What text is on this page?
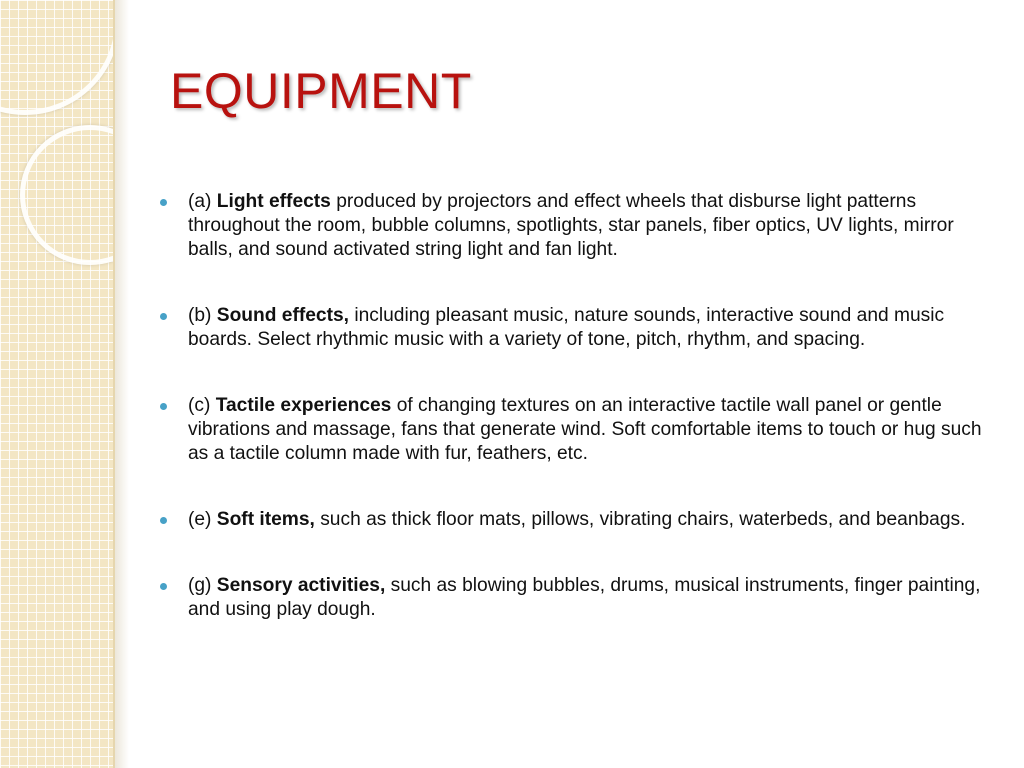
EQUIPMENT
(a) Light effects produced by projectors and effect wheels that disburse light patterns throughout the room, bubble columns, spotlights, star panels, fiber optics, UV lights, mirror balls, and sound activated string light and fan light.
(b) Sound effects, including pleasant music, nature sounds, interactive sound and music boards. Select rhythmic music with a variety of tone, pitch, rhythm, and spacing.
(c) Tactile experiences of changing textures on an interactive tactile wall panel or gentle vibrations and massage, fans that generate wind. Soft comfortable items to touch or hug such as a tactile column made with fur, feathers, etc.
(e) Soft items, such as thick floor mats, pillows, vibrating chairs, waterbeds, and beanbags.
(g) Sensory activities, such as blowing bubbles, drums, musical instruments, finger painting, and using play dough.
